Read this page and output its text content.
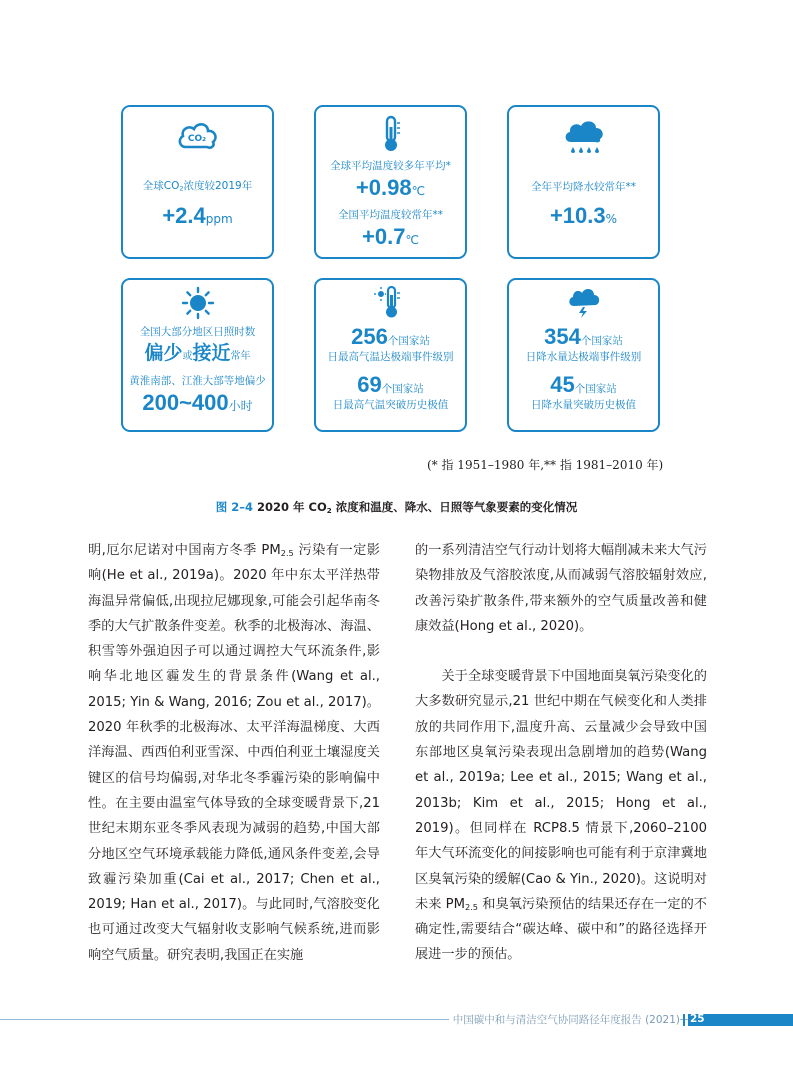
CO₂
全球$CO_2$浓度较2019年
+2.4ppm
全球平均温度较多年平均*
+0.98℃
全国平均温度较常年**
+0.7℃
全年平均降水较常年**
+10.3%
全国大部分地区日照时数
偏少或接近常年
黄淮南部、江淮大部等地偏少
200~400小时
256个国家站
日最高气温达极端事件级别
69个国家站
日最高气温突破历史极值
354个国家站
日降水量达极端事件级别
45个国家站
日降水量突破历史极值
(* 指 1951–1980 年,** 指 1981–2010 年)
图 2–4 2020 年 $CO_2$ 浓度和温度、降水、日照等气象要素的变化情况

明,厄尔尼诺对中国南方冬季 $PM_{2.5}$ 污染有一定影响(He et al., 2019a)。2020 年中东太平洋热带海温异常偏低,出现拉尼娜现象,可能会引起华南冬季的大气扩散条件变差。秋季的北极海冰、海温、积雪等外强迫因子可以通过调控大气环流条件,影响华北地区霾发生的背景条件(Wang et al., 2015; Yin & Wang, 2016; Zou et al., 2017)。2020 年秋季的北极海冰、太平洋海温梯度、大西洋海温、西西伯利亚雪深、中西伯利亚土壤湿度关键区的信号均偏弱,对华北冬季霾污染的影响偏中性。在主要由温室气体导致的全球变暖背景下,21 世纪末期东亚冬季风表现为减弱的趋势,中国大部分地区空气环境承载能力降低,通风条件变差,会导致霾污染加重(Cai et al., 2017; Chen et al., 2019; Han et al., 2017)。与此同时,气溶胶变化也可通过改变大气辐射收支影响气候系统,进而影响空气质量。研究表明,我国正在实施

的一系列清洁空气行动计划将大幅削减未来大气污染物排放及气溶胶浓度,从而减弱气溶胶辐射效应,改善污染扩散条件,带来额外的空气质量改善和健康效益(Hong et al., 2020)。

关于全球变暖背景下中国地面臭氧污染变化的大多数研究显示,21 世纪中期在气候变化和人类排放的共同作用下,温度升高、云量减少会导致中国东部地区臭氧污染表现出急剧增加的趋势(Wang et al., 2019a; Lee et al., 2015; Wang et al., 2013b; Kim et al., 2015; Hong et al., 2019)。但同样在 RCP8.5 情景下,2060–2100 年大气环流变化的间接影响也可能有利于京津冀地区臭氧污染的缓解(Cao & Yin., 2020)。这说明对未来 $PM_{2.5}$ 和臭氧污染预估的结果还存在一定的不确定性,需要结合“碳达峰、碳中和”的路径选择开展进一步的预估。

中国碳中和与清洁空气协同路径年度报告 (2021) 25
